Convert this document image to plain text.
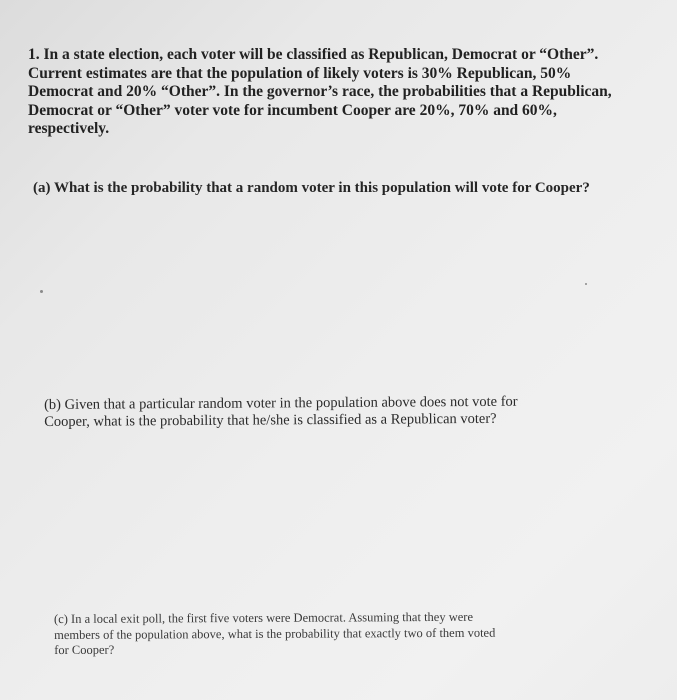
1. In a state election, each voter will be classified as Republican, Democrat or “Other”.
Current estimates are that the population of likely voters is 30% Republican, 50%
Democrat and 20% “Other”. In the governor’s race, the probabilities that a Republican,
Democrat or “Other” voter vote for incumbent Cooper are 20%, 70% and 60%,
respectively.

(a) What is the probability that a random voter in this population will vote for Cooper?

(b) Given that a particular random voter in the population above does not vote for
Cooper, what is the probability that he/she is classified as a Republican voter?
(c) In a local exit poll, the first five voters were Democrat. Assuming that they were
members of the population above, what is the probability that exactly two of them voted
for Cooper?
